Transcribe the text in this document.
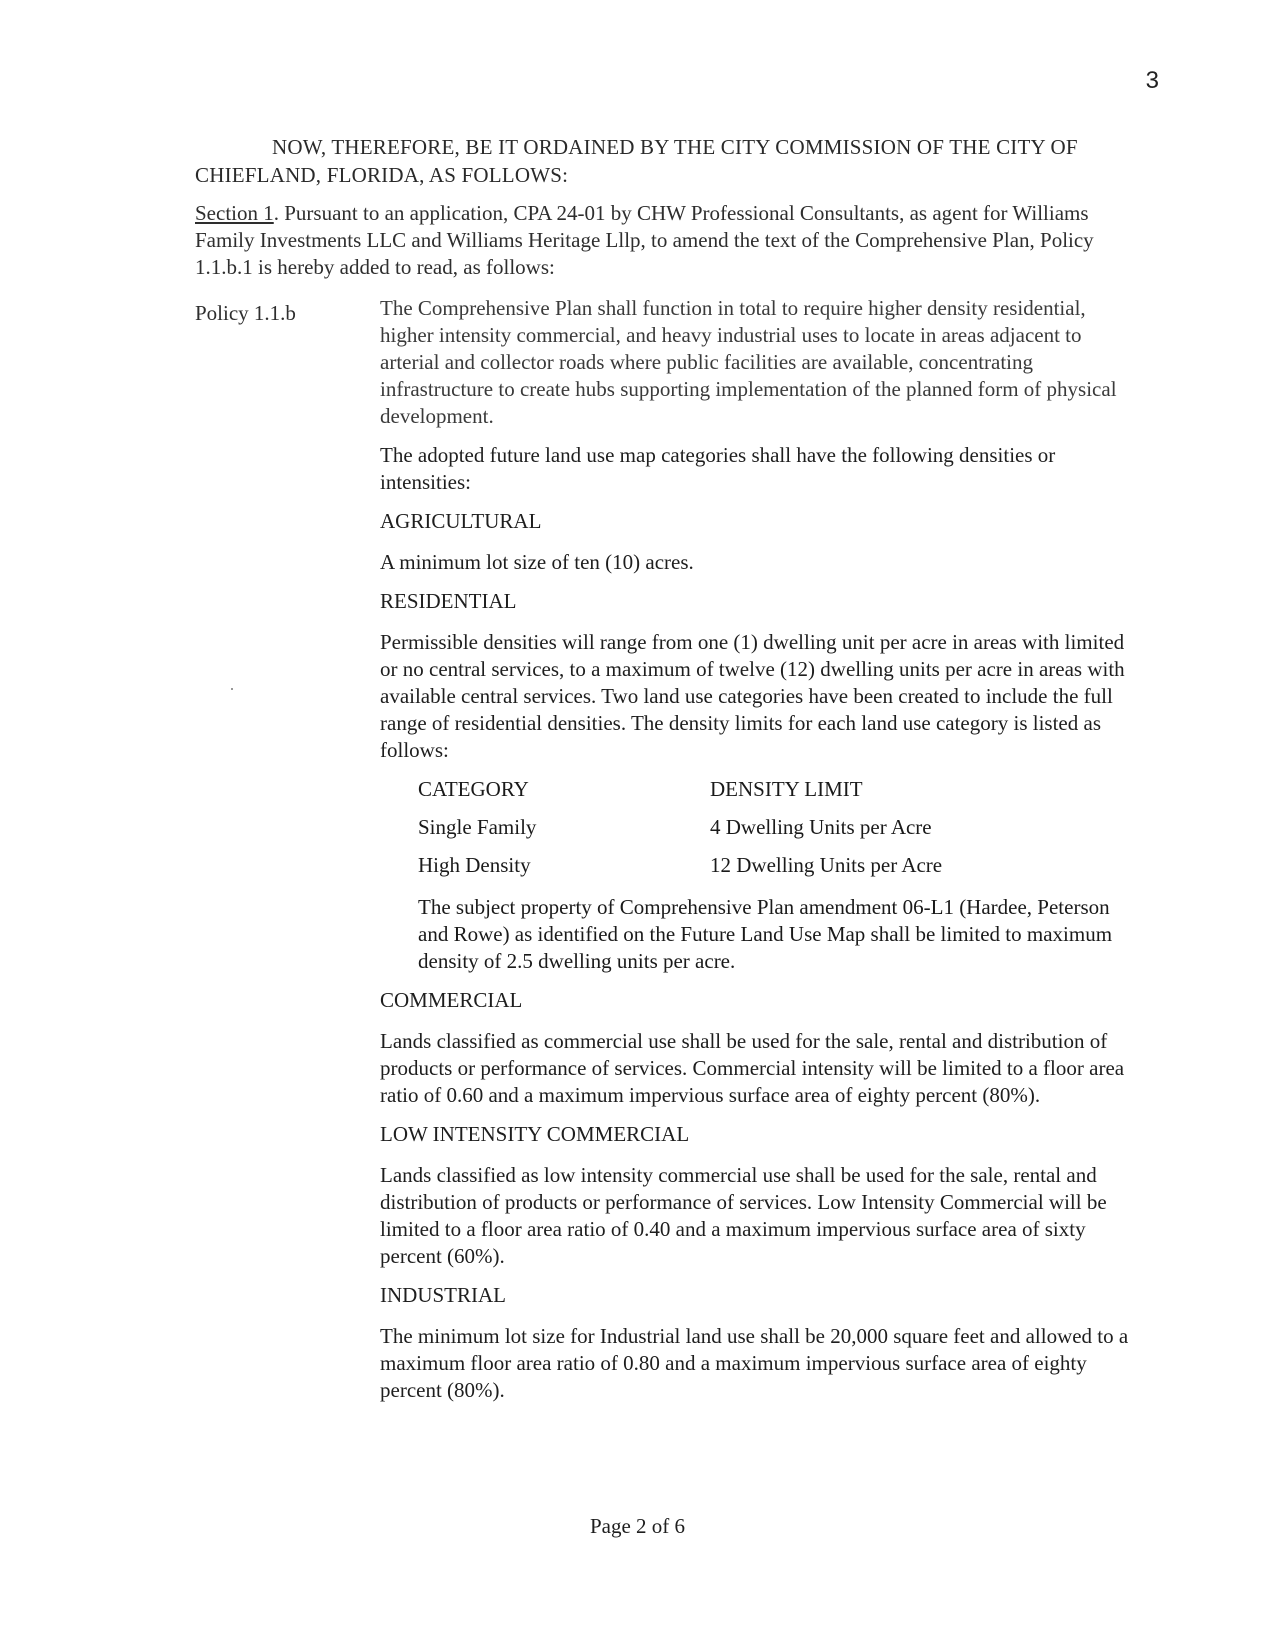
3
NOW, THEREFORE, BE IT ORDAINED BY THE CITY COMMISSION OF THE CITY OF
CHIEFLAND, FLORIDA, AS FOLLOWS:
Section 1. Pursuant to an application, CPA 24-01 by CHW Professional Consultants, as agent for Williams Family Investments LLC and Williams Heritage Lllp, to amend the text of the Comprehensive Plan, Policy 1.1.b.1 is hereby added to read, as follows:
Policy 1.1.b	The Comprehensive Plan shall function in total to require higher density residential, higher intensity commercial, and heavy industrial uses to locate in areas adjacent to arterial and collector roads where public facilities are available, concentrating infrastructure to create hubs supporting implementation of the planned form of physical development.

The adopted future land use map categories shall have the following densities or intensities:

AGRICULTURAL

A minimum lot size of ten (10) acres.

RESIDENTIAL

Permissible densities will range from one (1) dwelling unit per acre in areas with limited or no central services, to a maximum of twelve (12) dwelling units per acre in areas with available central services. Two land use categories have been created to include the full range of residential densities. The density limits for each land use category is listed as follows:

CATEGORY	DENSITY LIMIT
Single Family	4 Dwelling Units per Acre
High Density	12 Dwelling Units per Acre

The subject property of Comprehensive Plan amendment 06-L1 (Hardee, Peterson and Rowe) as identified on the Future Land Use Map shall be limited to maximum density of 2.5 dwelling units per acre.

COMMERCIAL

Lands classified as commercial use shall be used for the sale, rental and distribution of products or performance of services. Commercial intensity will be limited to a floor area ratio of 0.60 and a maximum impervious surface area of eighty percent (80%).

LOW INTENSITY COMMERCIAL

Lands classified as low intensity commercial use shall be used for the sale, rental and distribution of products or performance of services. Low Intensity Commercial will be limited to a floor area ratio of 0.40 and a maximum impervious surface area of sixty percent (60%).

INDUSTRIAL

The minimum lot size for Industrial land use shall be 20,000 square feet and allowed to a maximum floor area ratio of 0.80 and a maximum impervious surface area of eighty percent (80%).

Page 2 of 6
